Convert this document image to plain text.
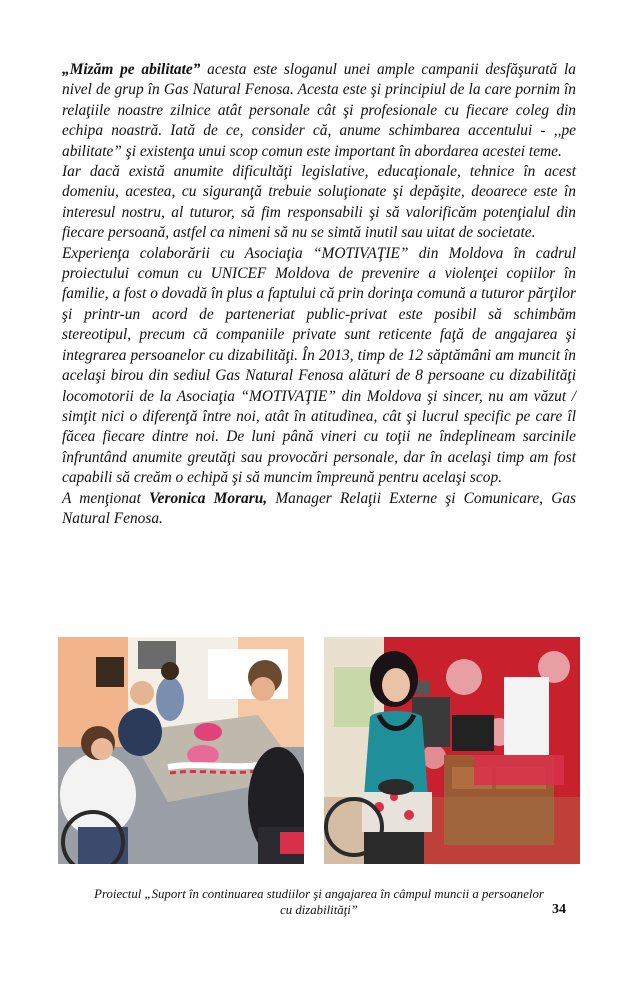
„Mizăm pe abilitate” acesta este sloganul unei ample campanii desfăşurată la nivel de grup în Gas Natural Fenosa. Acesta este şi principiul de la care pornim în relaţiile noastre zilnice atât personale cât şi profesionale cu fiecare coleg din echipa noastră. Iată de ce, consider că, anume schimbarea accentului - ,,pe abilitate” şi existenţa unui scop comun este important în abordarea acestei teme.

Iar dacă există anumite dificultăţi legislative, educaţionale, tehnice în acest domeniu, acestea, cu siguranţă trebuie soluţionate şi depăşite, deoarece este în interesul nostru, al tuturor, să fim responsabili şi să valorificăm potenţialul din fiecare persoană, astfel ca nimeni să nu se simtă inutil sau uitat de societate.

Experienţa colaborării cu Asociaţia “MOTIVAŢIE” din Moldova în cadrul proiectului comun cu UNICEF Moldova de prevenire a violenţei copiilor în familie, a fost o dovadă în plus a faptului că prin dorinţa comună a tuturor părţilor şi printr-un acord de parteneriat public-privat este posibil să schimbăm stereotipul, precum că companiile private sunt reticente faţă de angajarea şi integrarea persoanelor cu dizabilităţi. În 2013, timp de 12 săptămâni am muncit în acelaşi birou din sediul Gas Natural Fenosa alături de 8 persoane cu dizabilităţi locomotorii de la Asociaţia “MOTIVAŢIE” din Moldova şi sincer, nu am văzut / simţit nici o diferenţă între noi, atât în atitudinea, cât şi lucrul specific pe care îl făcea fiecare dintre noi. De luni până vineri cu toţii ne îndeplineam sarcinile înfruntând anumite greutăţi sau provocări personale, dar în acelaşi timp am fost capabili să creăm o echipă şi să muncim împreună pentru acelaşi scop.

A menţionat Veronica Moraru, Manager Relaţii Externe şi Comunicare, Gas Natural Fenosa.

Proiectul „Suport în continuarea studiilor şi angajarea în câmpul muncii a persoanelor
cu dizabilităţi”	34
